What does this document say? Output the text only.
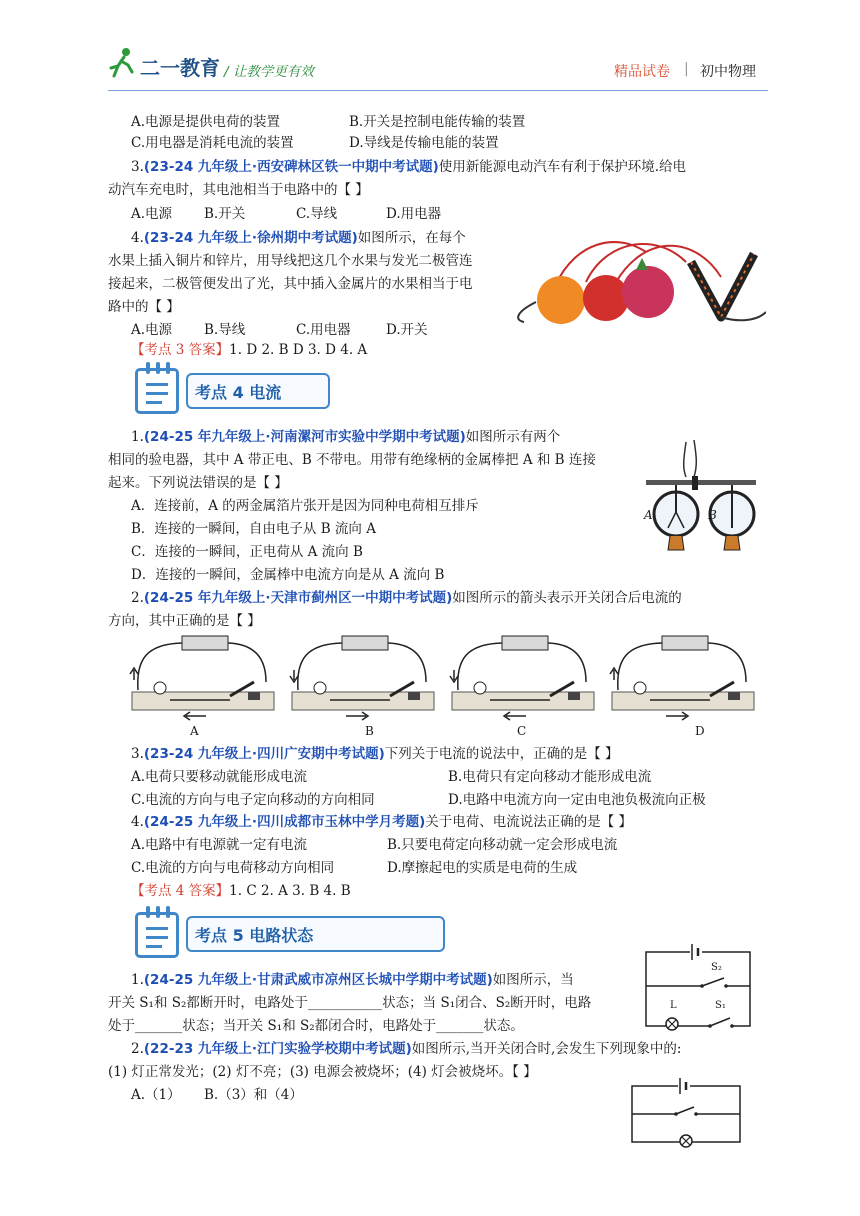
二一教育 / 让教学更有效	精品试卷 | 初中物理
A.电源是提供电荷的装置	B.开关是控制电能传输的装置
C.用电器是消耗电流的装置	D.导线是传输电能的装置
3.(23-24 九年级上·西安碑林区铁一中期中考试题)使用新能源电动汽车有利于保护环境.给电
动汽车充电时，其电池相当于电路中的【 】
A.电源 B.开关	C.导线	D.用电器
4.(23-24 九年级上·徐州期中考试题)如图所示，在每个
水果上插入铜片和锌片，用导线把这几个水果与发光二极管连
接起来，二极管便发出了光，其中插入金属片的水果相当于电
路中的【 】
A.电源 B.导线	C.用电器	D.开关
【考点 3 答案】1. D 2. B D 3. D 4. A
考点 4 电流
1.(24-25 年九年级上·河南漯河市实验中学期中考试题)如图所示有两个
相同的验电器，其中 A 带正电、B 不带电。用带有绝缘柄的金属棒把 A 和 B 连接
起来。下列说法错误的是【 】
A．连接前，A 的两金属箔片张开是因为同种电荷相互排斥
B．连接的一瞬间，自由电子从 B 流向 A
C．连接的一瞬间，正电荷从 A 流向 B
D．连接的一瞬间，金属棒中电流方向是从 A 流向 B
A	B
2.(24-25 年九年级上·天津市蓟州区一中期中考试题)如图所示的箭头表示开关闭合后电流的
方向，其中正确的是【 】
A	B	C	D
3.(23-24 九年级上·四川广安期中考试题)下列关于电流的说法中，正确的是【 】
A.电荷只要移动就能形成电流	B.电荷只有定向移动才能形成电流
C.电流的方向与电子定向移动的方向相同	D.电路中电流方向一定由电池负极流向正极
4.(24-25 九年级上·四川成都市玉林中学月考题)关于电荷、电流说法正确的是【 】
A.电路中有电源就一定有电流	B.只要电荷定向移动就一定会形成电流
C.电流的方向与电荷移动方向相同	D.摩擦起电的实质是电荷的生成
【考点 4 答案】1. C 2. A 3. B 4. B
考点 5 电路状态
1.(24-25 九年级上·甘肃武威市凉州区长城中学期中考试题)如图所示，当
开关 S₁和 S₂都断开时，电路处于___________状态；当 S₁闭合、S₂断开时，电路
处于_______状态；当开关 S₁和 S₂都闭合时，电路处于_______状态。
S₂
L	S₁
2.(22-23 九年级上·江门实验学校期中考试题)如图所示,当开关闭合时,会发生下列现象中的:
(1) 灯正常发光；(2) 灯不亮；(3) 电源会被烧坏；(4) 灯会被烧坏。【 】
A.（1） B.（3）和（4）
